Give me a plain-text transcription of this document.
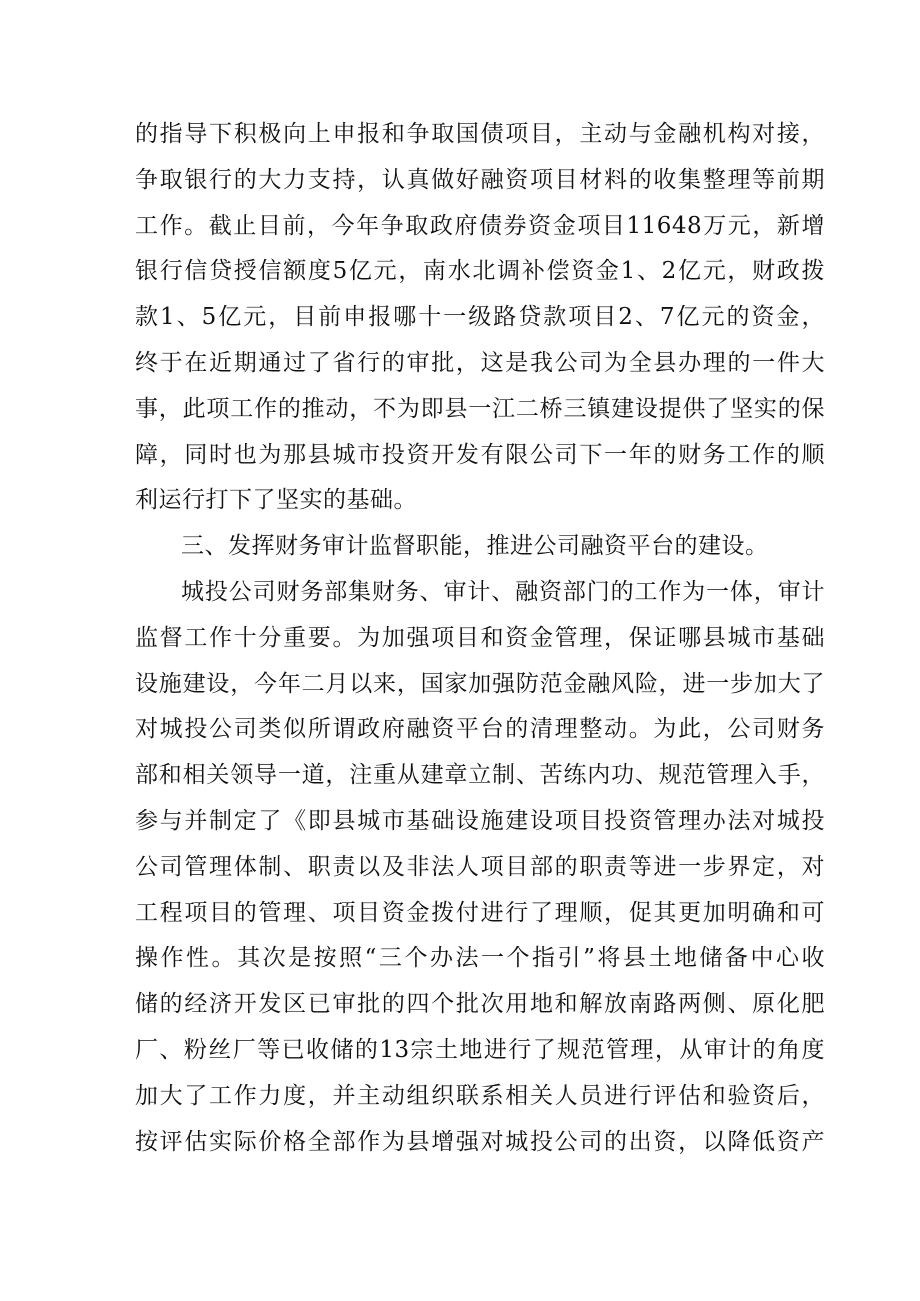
的指导下积极向上申报和争取国债项目，主动与金融机构对接，
争取银行的大力支持，认真做好融资项目材料的收集整理等前期
工作。截止目前，今年争取政府债券资金项目11648万元，新增
银行信贷授信额度5亿元，南水北调补偿资金1、2亿元，财政拨
款1、5亿元，目前申报哪十一级路贷款项目2、7亿元的资金，
终于在近期通过了省行的审批，这是我公司为全县办理的一件大
事，此项工作的推动，不为即县一江二桥三镇建设提供了坚实的保
障，同时也为那县城市投资开发有限公司下一年的财务工作的顺
利运行打下了坚实的基础。
三、发挥财务审计监督职能，推进公司融资平台的建设。
城投公司财务部集财务、审计、融资部门的工作为一体，审计
监督工作十分重要。为加强项目和资金管理，保证哪县城市基础
设施建设，今年二月以来，国家加强防范金融风险，进一步加大了
对城投公司类似所谓政府融资平台的清理整动。为此，公司财务
部和相关领导一道，注重从建章立制、苦练内功、规范管理入手，
参与并制定了《即县城市基础设施建设项目投资管理办法对城投
公司管理体制、职责以及非法人项目部的职责等进一步界定，对
工程项目的管理、项目资金拨付进行了理顺，促其更加明确和可
操作性。其次是按照“三个办法一个指引”将县土地储备中心收
储的经济开发区已审批的四个批次用地和解放南路两侧、原化肥
厂、粉丝厂等已收储的13宗土地进行了规范管理，从审计的角度
加大了工作力度，并主动组织联系相关人员进行评估和验资后，
按评估实际价格全部作为县增强对城投公司的出资，以降低资产
